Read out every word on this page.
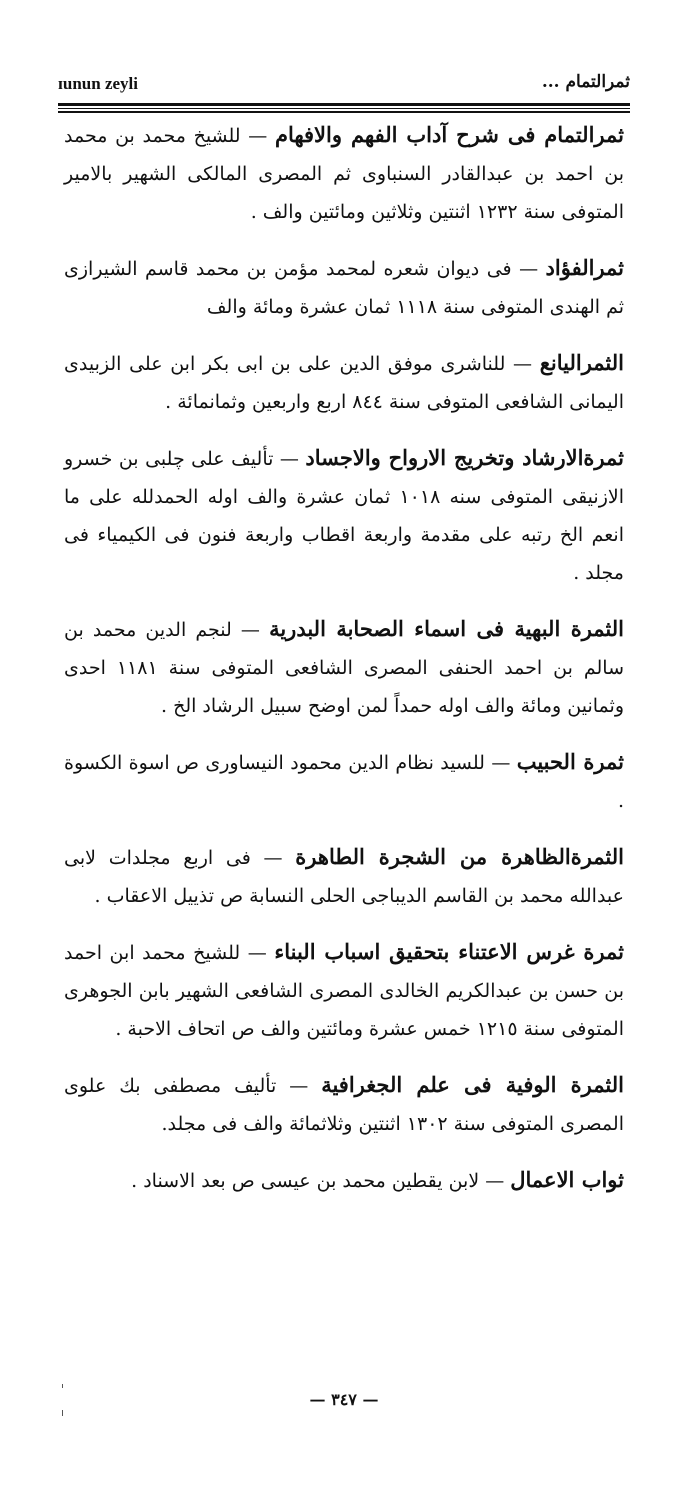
ɪunun zeyli	ثمرالتمام ...

ثمرالتمام فى شرح آداب الفهم والافهام — للشيخ محمد بن محمد بن احمد بن عبدالقادر السنباوى ثم المصرى المالكى الشهير بالامير المتوفى سنة ١٢٣٢ اثنتين وثلاثين ومائتين والف .

ثمرالفؤاد — فى ديوان شعره لمحمد مؤمن بن محمد قاسم الشيرازى ثم الهندى المتوفى سنة ١١١٨ ثمان عشرة ومائة والف

الثمراليانع — للناشرى موفق الدين على بن ابى بكر ابن على الزبيدى اليمانى الشافعى المتوفى سنة ٨٤٤ اربع واربعين وثمانمائة .

ثمرةالارشاد وتخريج الارواح والاجساد — تأليف على چلبى بن خسرو الازنيقى المتوفى سنه ١٠١٨ ثمان عشرة والف اوله الحمدلله على ما انعم الخ رتبه على مقدمة واربعة اقطاب واربعة فنون فى الكيمياء فى مجلد .

الثمرة البهية فى اسماء الصحابة البدرية — لنجم الدين محمد بن سالم بن احمد الحنفى المصرى الشافعى المتوفى سنة ١١٨١ احدى وثمانين ومائة والف اوله حمداً لمن اوضح سبيل الرشاد الخ .

ثمرة الحبيب — للسيد نظام الدين محمود النيساورى ص اسوة الكسوة .

الثمرةالظاهرة من الشجرة الطاهرة — فى اربع مجلدات لابى عبدالله محمد بن القاسم الديباجى الحلى النسابة ص تذييل الاعقاب .

ثمرة غرس الاعتناء بتحقيق اسباب البناء — للشيخ محمد ابن احمد بن حسن بن عبدالكريم الخالدى المصرى الشافعى الشهير بابن الجوهرى المتوفى سنة ١٢١٥ خمس عشرة ومائتين والف ص اتحاف الاحبة .

الثمرة الوفية فى علم الجغرافية — تأليف مصطفى بك علوى المصرى المتوفى سنة ١٣٠٢ اثنتين وثلاثمائة والف فى مجلد.

ثواب الاعمال — لابن يقطين محمد بن عيسى ص بعد الاسناد .

— ٣٤٧ —
